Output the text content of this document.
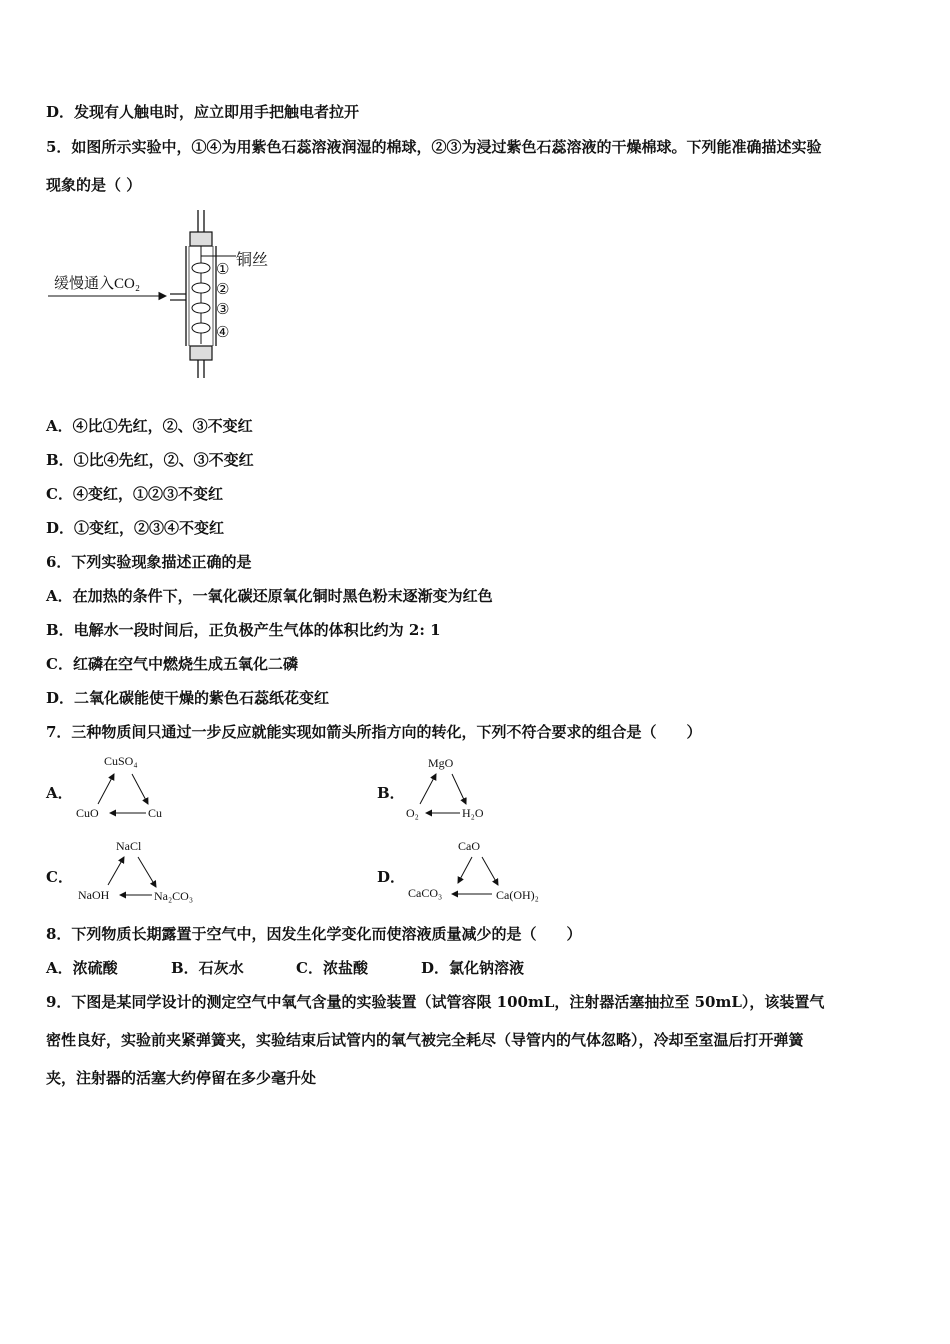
D．发现有人触电时，应立即用手把触电者拉开
5．如图所示实验中，①④为用紫色石蕊溶液润湿的棉球，②③为浸过紫色石蕊溶液的干燥棉球。下列能准确描述实验
现象的是（ ）
缓慢通入CO₂
铜丝
①
②
③
④
A．④比①先红，②、③不变红
B．①比④先红，②、③不变红
C．④变红，①②③不变红
D．①变红，②③④不变红
6．下列实验现象描述正确的是
A．在加热的条件下，一氧化碳还原氧化铜时黑色粉末逐渐变为红色
B．电解水一段时间后，正负极产生气体的体积比约为 2: 1
C．红磷在空气中燃烧生成五氧化二磷
D．二氧化碳能使干燥的紫色石蕊纸花变红
7．三种物质间只通过一步反应就能实现如箭头所指方向的转化，下列不符合要求的组合是（　　）
A．
CuSO₄
CuO	Cu
B．
MgO
O₂	H₂O
C．
NaCl
NaOH	Na₂CO₃
D．
CaO
CaCO₃	Ca(OH)₂
8．下列物质长期露置于空气中，因发生化学变化而使溶液质量减少的是（　　）
A．浓硫酸	B．石灰水	C．浓盐酸	D．氯化钠溶液
9．下图是某同学设计的测定空气中氧气含量的实验装置（试管容限 100mL，注射器活塞抽拉至 50mL），该装置气
密性良好，实验前夹紧弹簧夹，实验结束后试管内的氧气被完全耗尽（导管内的气体忽略），冷却至室温后打开弹簧
夹，注射器的活塞大约停留在多少毫升处
